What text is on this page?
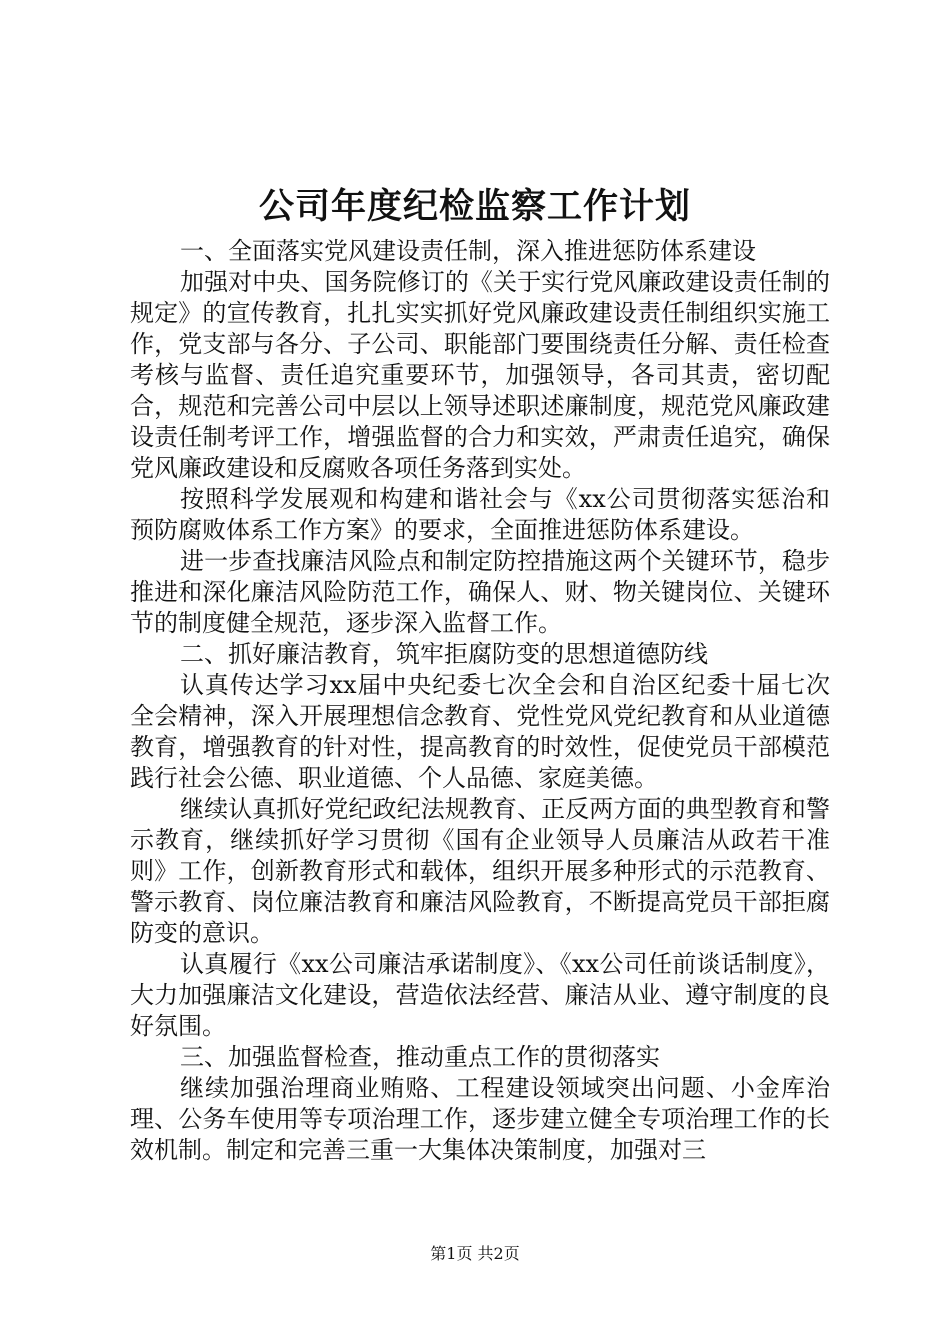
公司年度纪检监察工作计划

一、全面落实党风建设责任制，深入推进惩防体系建设

加强对中央、国务院修订的《关于实行党风廉政建设责任制的规定》的宣传教育，扎扎实实抓好党风廉政建设责任制组织实施工作，党支部与各分、子公司、职能部门要围绕责任分解、责任检查考核与监督、责任追究重要环节，加强领导，各司其责，密切配合，规范和完善公司中层以上领导述职述廉制度，规范党风廉政建设责任制考评工作，增强监督的合力和实效，严肃责任追究，确保党风廉政建设和反腐败各项任务落到实处。

按照科学发展观和构建和谐社会与《xx公司贯彻落实惩治和预防腐败体系工作方案》的要求，全面推进惩防体系建设。

进一步查找廉洁风险点和制定防控措施这两个关键环节，稳步推进和深化廉洁风险防范工作，确保人、财、物关键岗位、关键环节的制度健全规范，逐步深入监督工作。

二、抓好廉洁教育，筑牢拒腐防变的思想道德防线

认真传达学习xx届中央纪委七次全会和自治区纪委十届七次全会精神，深入开展理想信念教育、党性党风党纪教育和从业道德教育，增强教育的针对性，提高教育的时效性，促使党员干部模范践行社会公德、职业道德、个人品德、家庭美德。

继续认真抓好党纪政纪法规教育、正反两方面的典型教育和警示教育，继续抓好学习贯彻《国有企业领导人员廉洁从政若干准则》工作，创新教育形式和载体，组织开展多种形式的示范教育、警示教育、岗位廉洁教育和廉洁风险教育，不断提高党员干部拒腐防变的意识。

认真履行《xx公司廉洁承诺制度》、《xx公司任前谈话制度》，大力加强廉洁文化建设，营造依法经营、廉洁从业、遵守制度的良好氛围。

三、加强监督检查，推动重点工作的贯彻落实

继续加强治理商业贿赂、工程建设领域突出问题、小金库治理、公务车使用等专项治理工作，逐步建立健全专项治理工作的长效机制。制定和完善三重一大集体决策制度，加强对三

第1页 共2页
